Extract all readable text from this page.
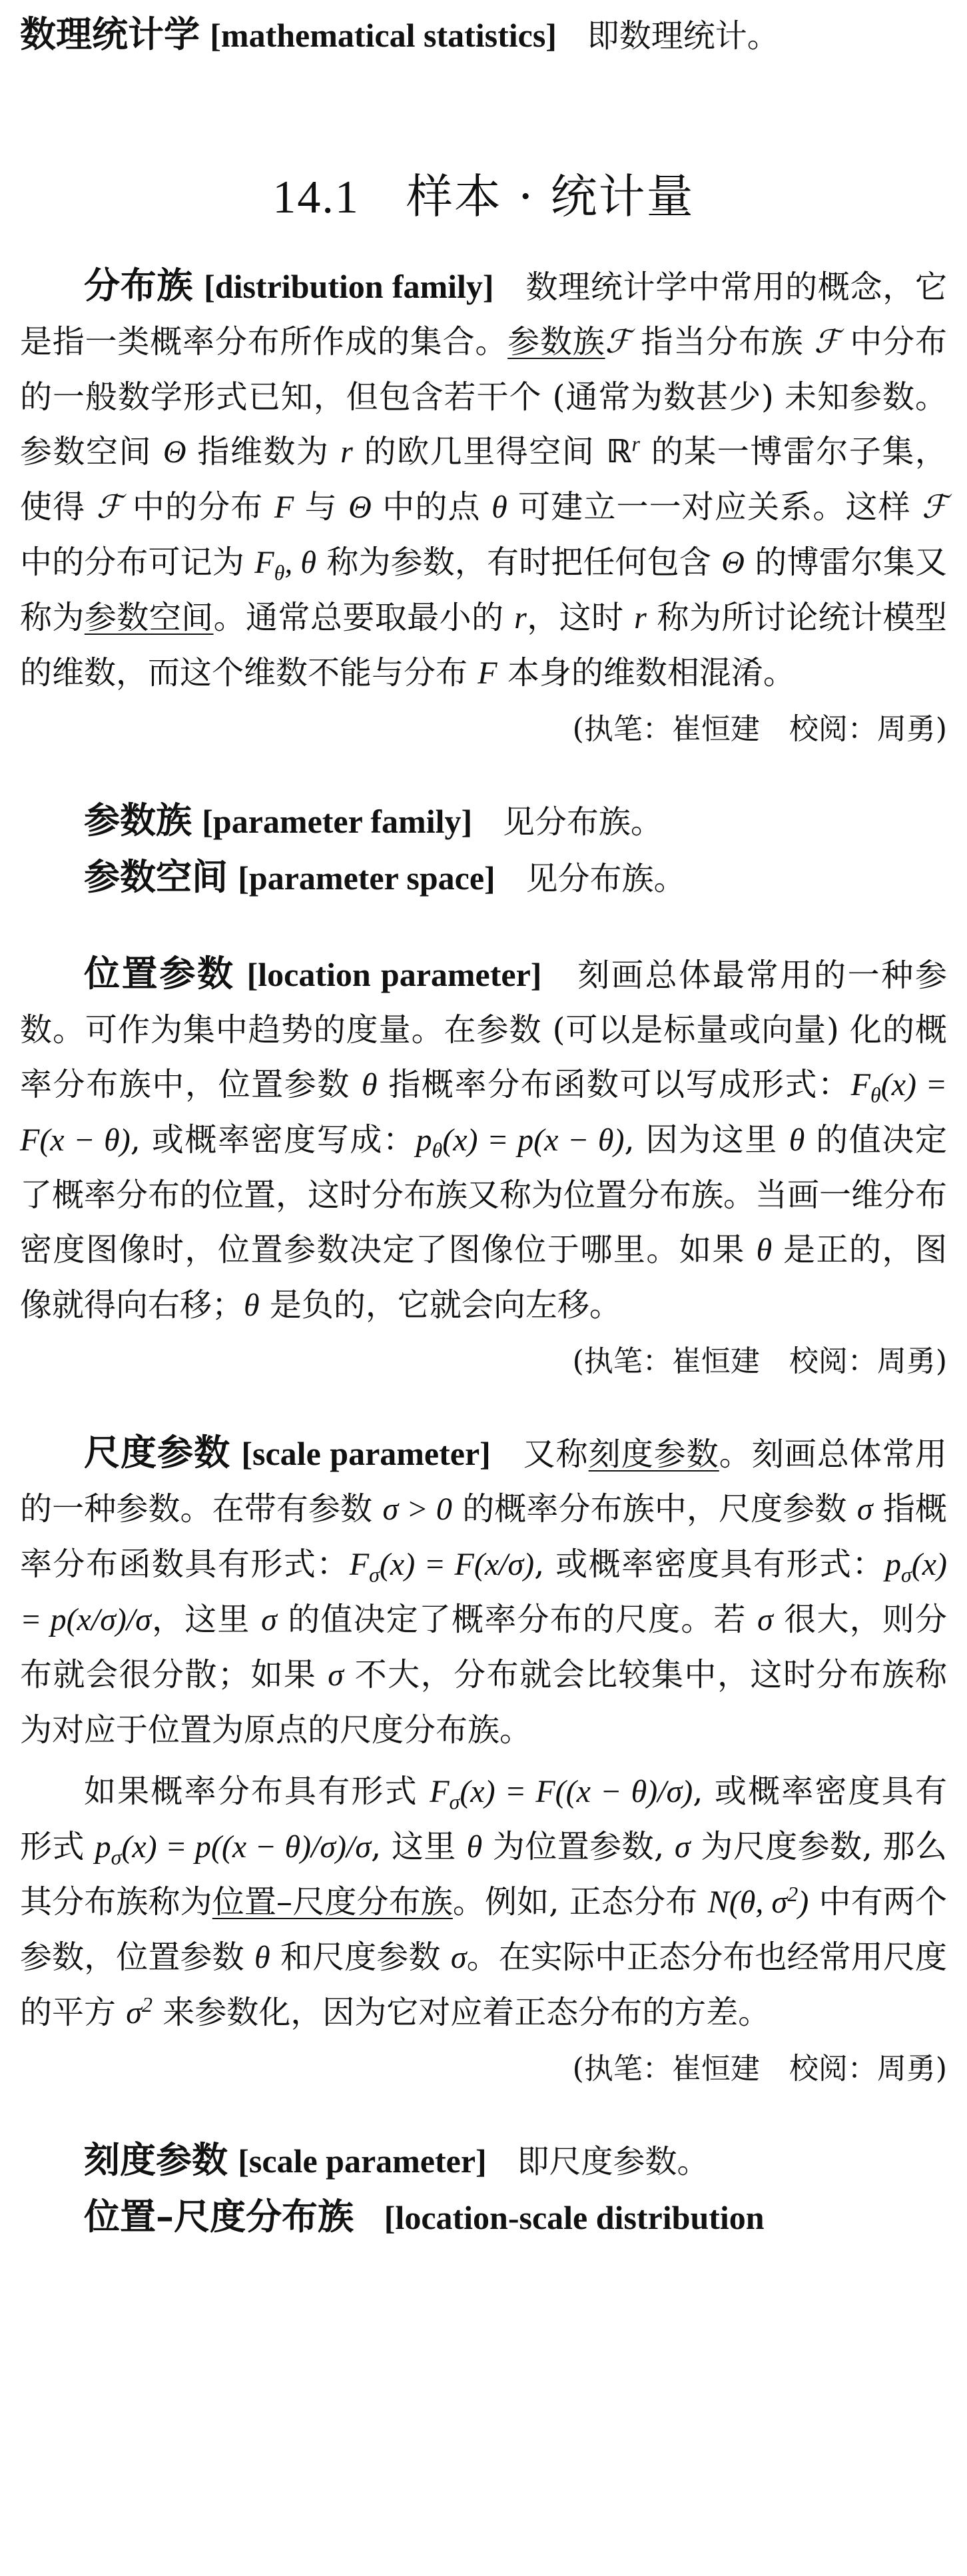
数理统计学 [mathematical statistics] 即数理统计。

14.1 样本 · 统计量

分布族 [distribution family] 数理统计学中常用的概念，它是指一类概率分布所作成的集合。参数族ℱ 指当分布族 ℱ 中分布的一般数学形式已知，但包含若干个 (通常为数甚少) 未知参数。参数空间 Θ 指维数为 r 的欧几里得空间 ℝ$^r$ 的某一博雷尔子集，使得 ℱ 中的分布 F 与 Θ 中的点 θ 可建立一一对应关系。这样 ℱ 中的分布可记为 $F_\theta$, θ 称为参数，有时把任何包含 Θ 的博雷尔集又称为参数空间。通常总要取最小的 r，这时 r 称为所讨论统计模型的维数，而这个维数不能与分布 F 本身的维数相混淆。

(执笔：崔恒建　校阅：周勇)

参数族 [parameter family] 见分布族。

参数空间 [parameter space] 见分布族。

位置参数 [location parameter] 刻画总体最常用的一种参数。可作为集中趋势的度量。在参数 (可以是标量或向量) 化的概率分布族中，位置参数 θ 指概率分布函数可以写成形式：$F_\theta(x) = F(x - \theta)$, 或概率密度写成：$p_\theta(x) = p(x - \theta)$, 因为这里 θ 的值决定了概率分布的位置，这时分布族又称为位置分布族。当画一维分布密度图像时，位置参数决定了图像位于哪里。如果 θ 是正的，图像就得向右移；θ 是负的，它就会向左移。

(执笔：崔恒建　校阅：周勇)

尺度参数 [scale parameter] 又称刻度参数。刻画总体常用的一种参数。在带有参数 σ > 0 的概率分布族中，尺度参数 σ 指概率分布函数具有形式：$F_\sigma(x) = F(x/\sigma)$, 或概率密度具有形式：$p_\sigma(x) = p(x/\sigma)/\sigma$，这里 σ 的值决定了概率分布的尺度。若 σ 很大，则分布就会很分散；如果 σ 不大，分布就会比较集中，这时分布族称为对应于位置为原点的尺度分布族。

如果概率分布具有形式 $F_\sigma(x) = F((x - \theta)/\sigma)$, 或概率密度具有形式 $p_\sigma(x) = p((x - \theta)/\sigma)/\sigma$, 这里 θ 为位置参数, σ 为尺度参数, 那么其分布族称为位置–尺度分布族。例如, 正态分布 N(θ, $\sigma^2$) 中有两个参数，位置参数 θ 和尺度参数 σ。在实际中正态分布也经常用尺度的平方 $\sigma^2$ 来参数化，因为它对应着正态分布的方差。

(执笔：崔恒建　校阅：周勇)

刻度参数 [scale parameter] 即尺度参数。

位置–尺度分布族 [location-scale distribution
